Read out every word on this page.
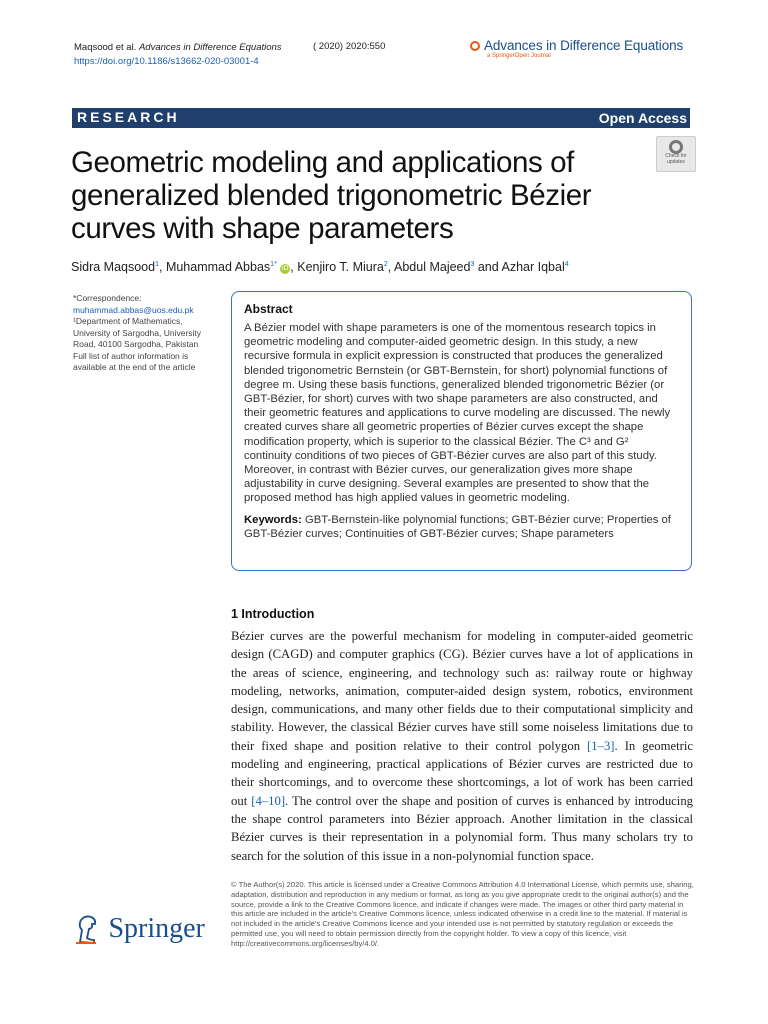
Maqsood et al. Advances in Difference Equations
https://doi.org/10.1186/s13662-020-03001-4
( 2020) 2020:550	Advances in Difference Equations
a SpringerOpen Journal
RESEARCH	Open Access
Geometric modeling and applications of generalized blended trigonometric Bézier curves with shape parameters
Check for
updates
Sidra Maqsood$^1$, Muhammad Abbas$^{1*}$ iD , Kenjiro T. Miura$^2$, Abdul Majeed$^3$ and Azhar Iqbal$^4$
*Correspondence:
muhammad.abbas@uos.edu.pk
¹Department of Mathematics, University of Sargodha, University Road, 40100 Sargodha, Pakistan
Full list of author information is available at the end of the article
Abstract

A Bézier model with shape parameters is one of the momentous research topics in geometric modeling and computer-aided geometric design. In this study, a new recursive formula in explicit expression is constructed that produces the generalized blended trigonometric Bernstein (or GBT-Bernstein, for short) polynomial functions of degree m. Using these basis functions, generalized blended trigonometric Bézier (or GBT-Bézier, for short) curves with two shape parameters are also constructed, and their geometric features and applications to curve modeling are discussed. The newly created curves share all geometric properties of Bézier curves except the shape modification property, which is superior to the classical Bézier. The C³ and G² continuity conditions of two pieces of GBT-Bézier curves are also part of this study. Moreover, in contrast with Bézier curves, our generalization gives more shape adjustability in curve designing. Several examples are presented to show that the proposed method has high applied values in geometric modeling.

Keywords: GBT-Bernstein-like polynomial functions; GBT-Bézier curve; Properties of GBT-Bézier curves; Continuities of GBT-Bézier curves; Shape parameters

1 Introduction
Bézier curves are the powerful mechanism for modeling in computer-aided geometric design (CAGD) and computer graphics (CG). Bézier curves have a lot of applications in the areas of science, engineering, and technology such as: railway route or highway modeling, networks, animation, computer-aided design system, robotics, environment design, communications, and many other fields due to their computational simplicity and stability. However, the classical Bézier curves have still some noiseless limitations due to their fixed shape and position relative to their control polygon [1–3]. In geometric modeling and engineering, practical applications of Bézier curves are restricted due to their shortcomings, and to overcome these shortcomings, a lot of work has been carried out [4–10]. The control over the shape and position of curves is enhanced by introducing the shape control parameters into Bézier approach. Another limitation in the classical Bézier curves is their representation in a polynomial form. Thus many scholars try to search for the solution of this issue in a non-polynomial function space.
Springer
© The Author(s) 2020. This article is licensed under a Creative Commons Attribution 4.0 International License, which permits use, sharing, adaptation, distribution and reproduction in any medium or format, as long as you give appropriate credit to the original author(s) and the source, provide a link to the Creative Commons licence, and indicate if changes were made. The images or other third party material in this article are included in the article's Creative Commons licence, unless indicated otherwise in a credit line to the material. If material is not included in the article's Creative Commons licence and your intended use is not permitted by statutory regulation or exceeds the permitted use, you will need to obtain permission directly from the copyright holder. To view a copy of this licence, visit http://creativecommons.org/licenses/by/4.0/.
